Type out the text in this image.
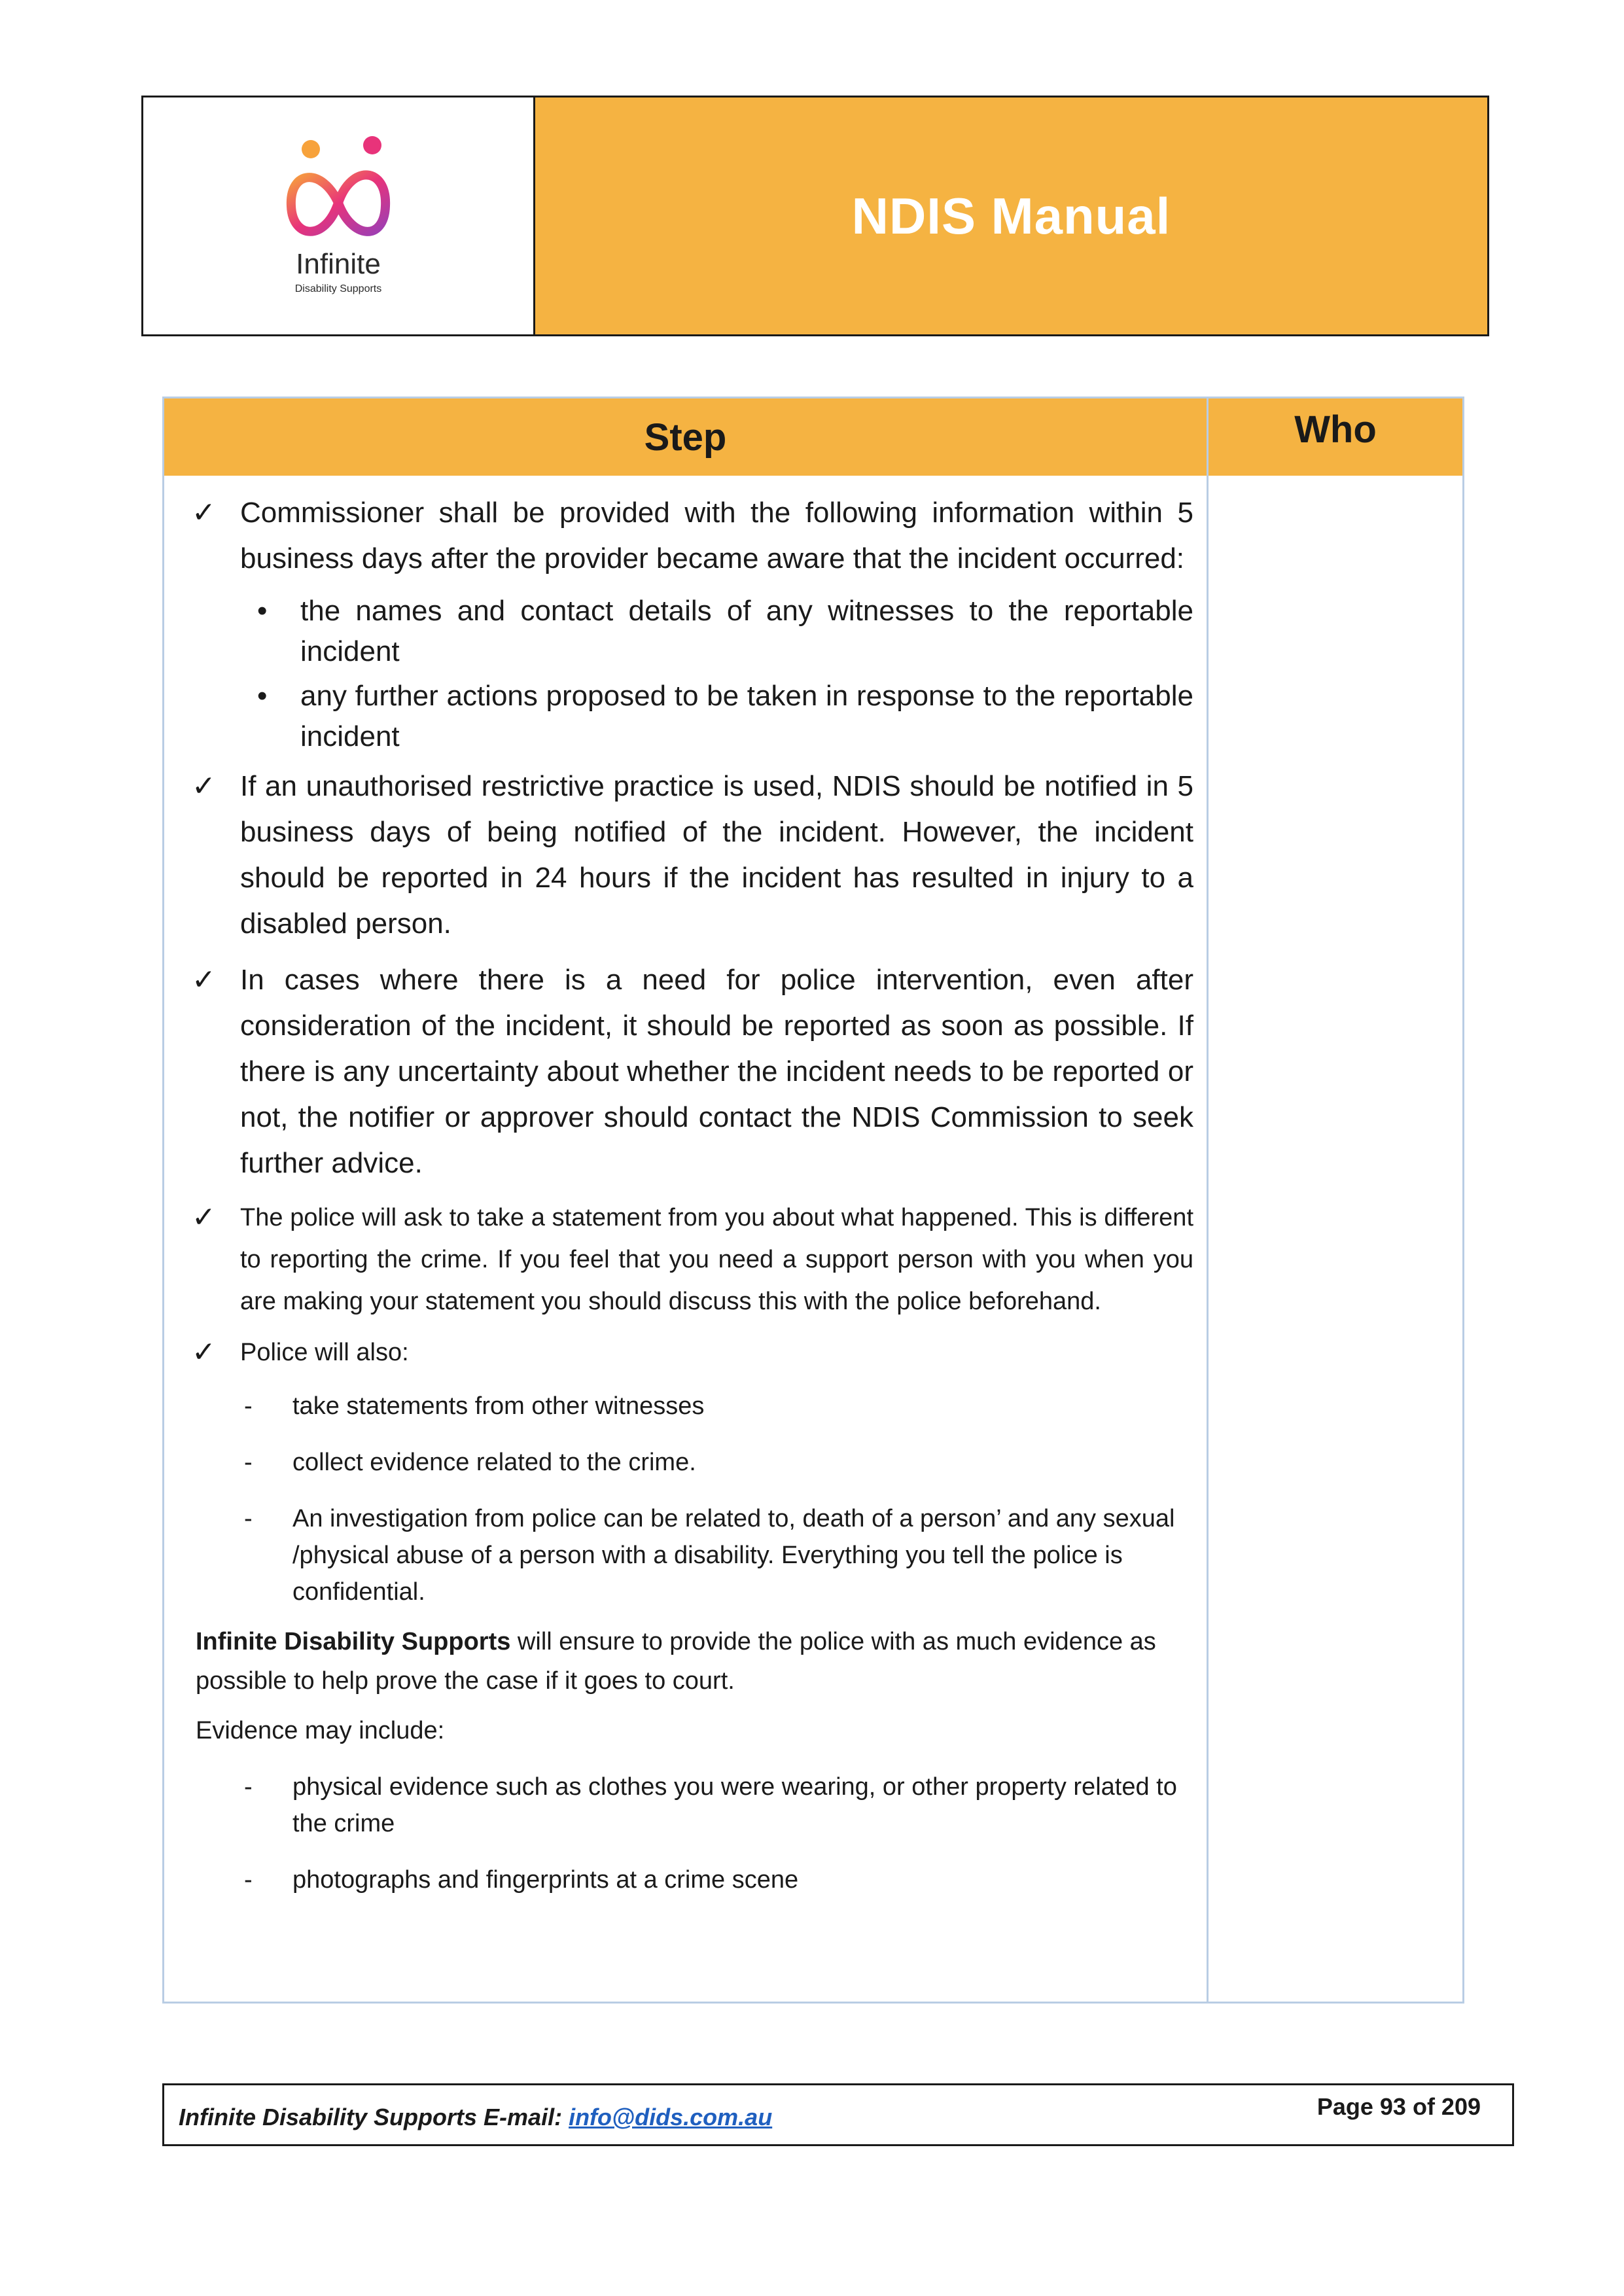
Infinite
Disability Supports
NDIS Manual
Step	Who
✓ Commissioner shall be provided with the following information within 5 business days after the provider became aware that the incident occurred:

• the names and contact details of any witnesses to the reportable incident

• any further actions proposed to be taken in response to the reportable incident

✓ If an unauthorised restrictive practice is used, NDIS should be notified in 5 business days of being notified of the incident. However, the incident should be reported in 24 hours if the incident has resulted in injury to a disabled person.

✓ In cases where there is a need for police intervention, even after consideration of the incident, it should be reported as soon as possible. If there is any uncertainty about whether the incident needs to be reported or not, the notifier or approver should contact the NDIS Commission to seek further advice.

✓ The police will ask to take a statement from you about what happened. This is different to reporting the crime. If you feel that you need a support person with you when you are making your statement you should discuss this with the police beforehand.

✓ Police will also:

- take statements from other witnesses

- collect evidence related to the crime.

- An investigation from police can be related to, death of a person’ and any sexual /physical abuse of a person with a disability. Everything you tell the police is confidential.

Infinite Disability Supports will ensure to provide the police with as much evidence as possible to help prove the case if it goes to court.

Evidence may include:

- physical evidence such as clothes you were wearing, or other property related to the crime

- photographs and fingerprints at a crime scene

Infinite Disability Supports E-mail: info@dids.com.au	Page 93 of 209
